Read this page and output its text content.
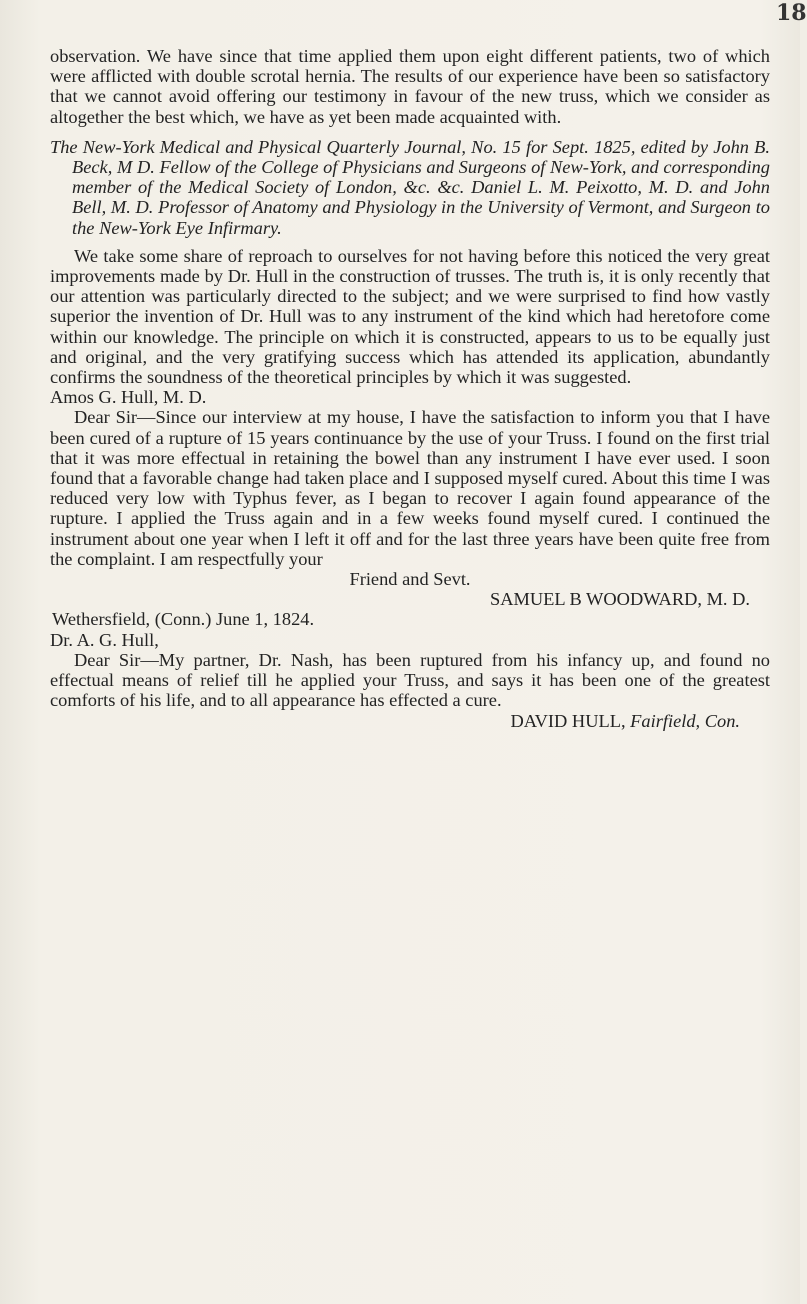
18

observation. We have since that time applied them upon eight different patients, two of which were afflicted with double scrotal hernia. The results of our experience have been so satisfactory that we cannot avoid offering our testimony in favour of the new truss, which we consider as altogether the best which, we have as yet been made acquainted with.

The New-York Medical and Physical Quarterly Journal, No. 15 for Sept. 1825, edited by John B. Beck, M D. Fellow of the College of Physicians and Surgeons of New-York, and corresponding member of the Medical Society of London, &c. &c. Daniel L. M. Peixotto, M. D. and John Bell, M. D. Professor of Anatomy and Physiology in the University of Vermont, and Surgeon to the New-York Eye Infirmary.

We take some share of reproach to ourselves for not having before this noticed the very great improvements made by Dr. Hull in the construction of trusses. The truth is, it is only recently that our attention was particularly directed to the subject; and we were surprised to find how vastly superior the invention of Dr. Hull was to any instrument of the kind which had heretofore come within our knowledge. The principle on which it is constructed, appears to us to be equally just and original, and the very gratifying success which has attended its application, abundantly confirms the soundness of the theoretical principles by which it was suggested.

Amos G. Hull, M. D.

Dear Sir—Since our interview at my house, I have the satisfaction to inform you that I have been cured of a rupture of 15 years continuance by the use of your Truss. I found on the first trial that it was more effectual in retaining the bowel than any instrument I have ever used. I soon found that a favorable change had taken place and I supposed myself cured. About this time I was reduced very low with Typhus fever, as I began to recover I again found appearance of the rupture. I applied the Truss again and in a few weeks found myself cured. I continued the instrument about one year when I left it off and for the last three years have been quite free from the complaint. I am respectfully your

Friend and Sevt.

SAMUEL B WOODWARD, M. D.

Wethersfield, (Conn.) June 1, 1824.

Dr. A. G. Hull,

Dear Sir—My partner, Dr. Nash, has been ruptured from his infancy up, and found no effectual means of relief till he applied your Truss, and says it has been one of the greatest comforts of his life, and to all appearance has effected a cure.

DAVID HULL, Fairfield, Con.
